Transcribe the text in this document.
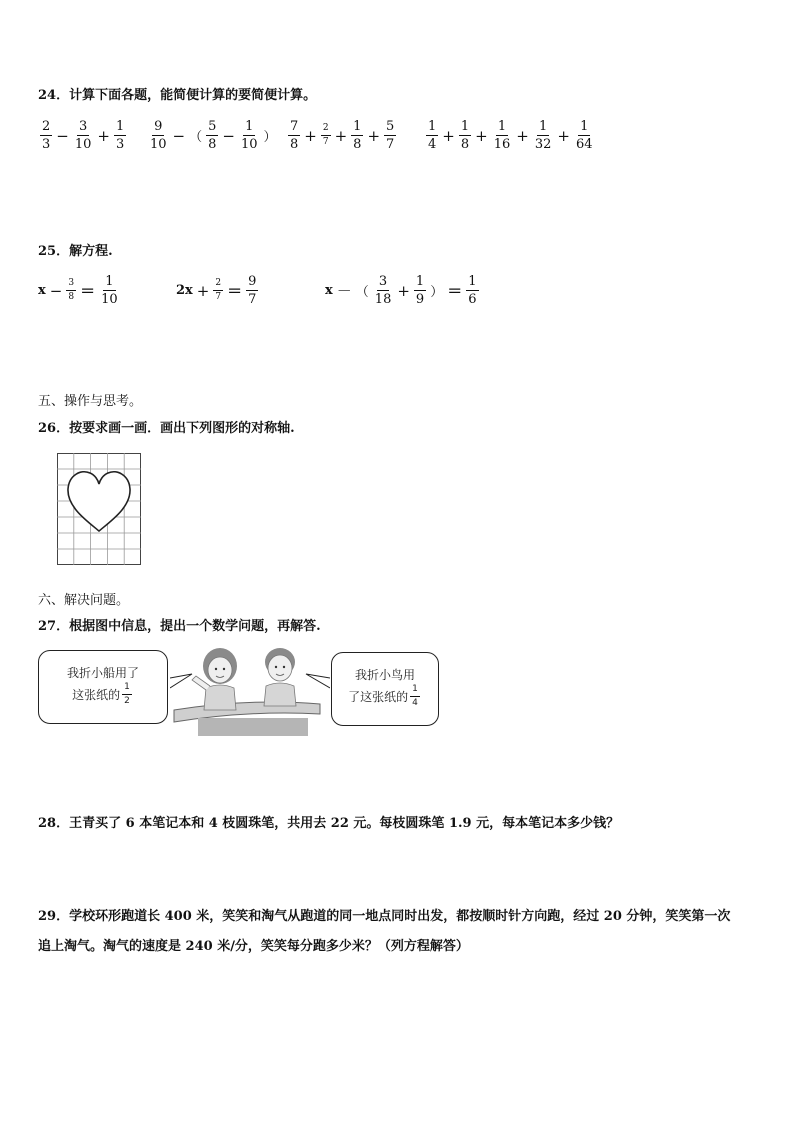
24．计算下面各题，能简便计算的要简便计算。
$\frac{2}{3} - \frac{3}{10} + \frac{1}{3} \frac{9}{10}$ − （ $\frac{5}{8} - \frac{1}{10}$ ） $\frac{7}{8} + \frac{2}{7} + \frac{1}{8} + \frac{5}{7} \frac{1}{4} + \frac{1}{8} + \frac{1}{16} + \frac{1}{32} + \frac{1}{64}$
25．解方程.
$x - \frac{3}{8} = \frac{1}{10}$	$2x + \frac{2}{7} = \frac{9}{7}$	x － （ $\frac{3}{18} + \frac{1}{9}$ ） ＝ $\frac{1}{6}$
五、操作与思考。
26．按要求画一画．画出下列图形的对称轴.
六、解决问题。
27．根据图中信息，提出一个数学问题，再解答.
我折小船用了
这张纸的 $\frac{1}{2}$
我折小鸟用
了这张纸的 $\frac{1}{4}$
28．王青买了 6 本笔记本和 4 枝圆珠笔，共用去 22 元。每枝圆珠笔 1.9 元，每本笔记本多少钱？
29．学校环形跑道长 400 米，笑笑和淘气从跑道的同一地点同时出发，都按顺时针方向跑，经过 20 分钟，笑笑第一次
追上淘气。淘气的速度是 240 米/分，笑笑每分跑多少米？（列方程解答）
